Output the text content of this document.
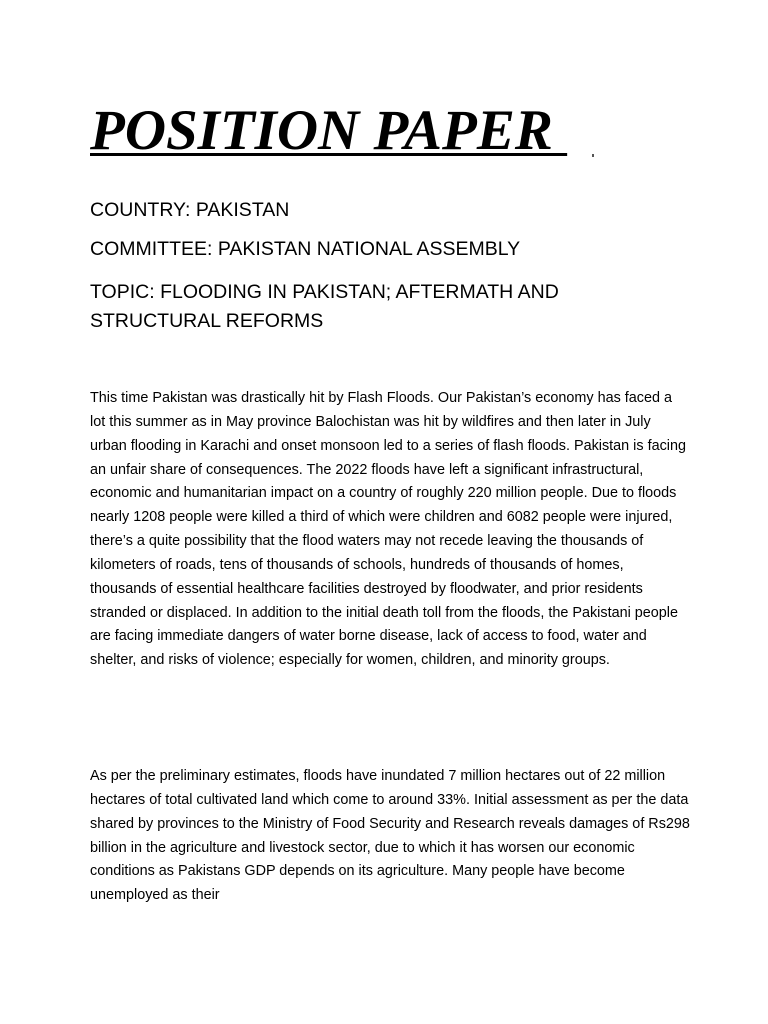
POSITION PAPER

COUNTRY: PAKISTAN

COMMITTEE: PAKISTAN NATIONAL ASSEMBLY

TOPIC: FLOODING IN PAKISTAN; AFTERMATH AND STRUCTURAL REFORMS

This time Pakistan was drastically hit by Flash Floods. Our Pakistan’s economy has faced a lot this summer as in May province Balochistan was hit by wildfires and then later in July urban flooding in Karachi and onset monsoon led to a series of flash floods. Pakistan is facing an unfair share of consequences. The 2022 floods have left a significant infrastructural, economic and humanitarian impact on a country of roughly 220 million people. Due to floods nearly 1208 people were killed a third of which were children and 6082 people were injured, there’s a quite possibility that the flood waters may not recede leaving the thousands of kilometers of roads, tens of thousands of schools, hundreds of thousands of homes, thousands of essential healthcare facilities destroyed by floodwater, and prior residents stranded or displaced. In addition to the initial death toll from the floods, the Pakistani people are facing immediate dangers of water borne disease, lack of access to food, water and shelter, and risks of violence; especially for women, children, and minority groups.

As per the preliminary estimates, floods have inundated 7 million hectares out of 22 million hectares of total cultivated land which come to around 33%. Initial assessment as per the data shared by provinces to the Ministry of Food Security and Research reveals damages of Rs298 billion in the agriculture and livestock sector, due to which it has worsen our economic conditions as Pakistans GDP depends on its agriculture. Many people have become unemployed as their
